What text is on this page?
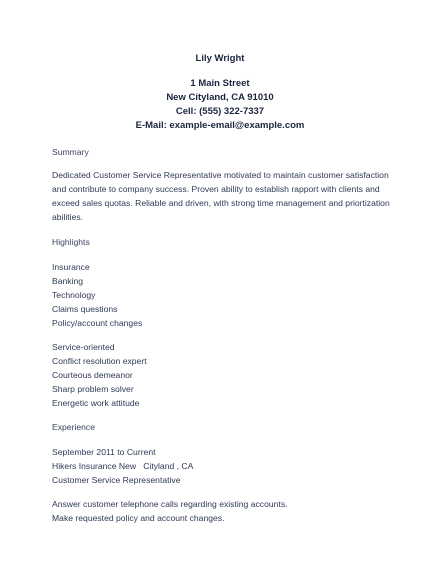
Lily Wright
1 Main Street
New Cityland, CA 91010
Cell: (555) 322-7337
E-Mail: example-email@example.com
Summary
Dedicated Customer Service Representative motivated to maintain customer satisfaction and contribute to company success. Proven ability to establish rapport with clients and exceed sales quotas. Reliable and driven, with strong time management and priortization abilities.
Highlights
Insurance
Banking
Technology
Claims questions
Policy/account changes
Service-oriented
Conflict resolution expert
Courteous demeanor
Sharp problem solver
Energetic work attitude
Experience
September 2011 to Current
Hikers Insurance New   Cityland , CA
Customer Service Representative
Answer customer telephone calls regarding existing accounts.
Make requested policy and account changes.
